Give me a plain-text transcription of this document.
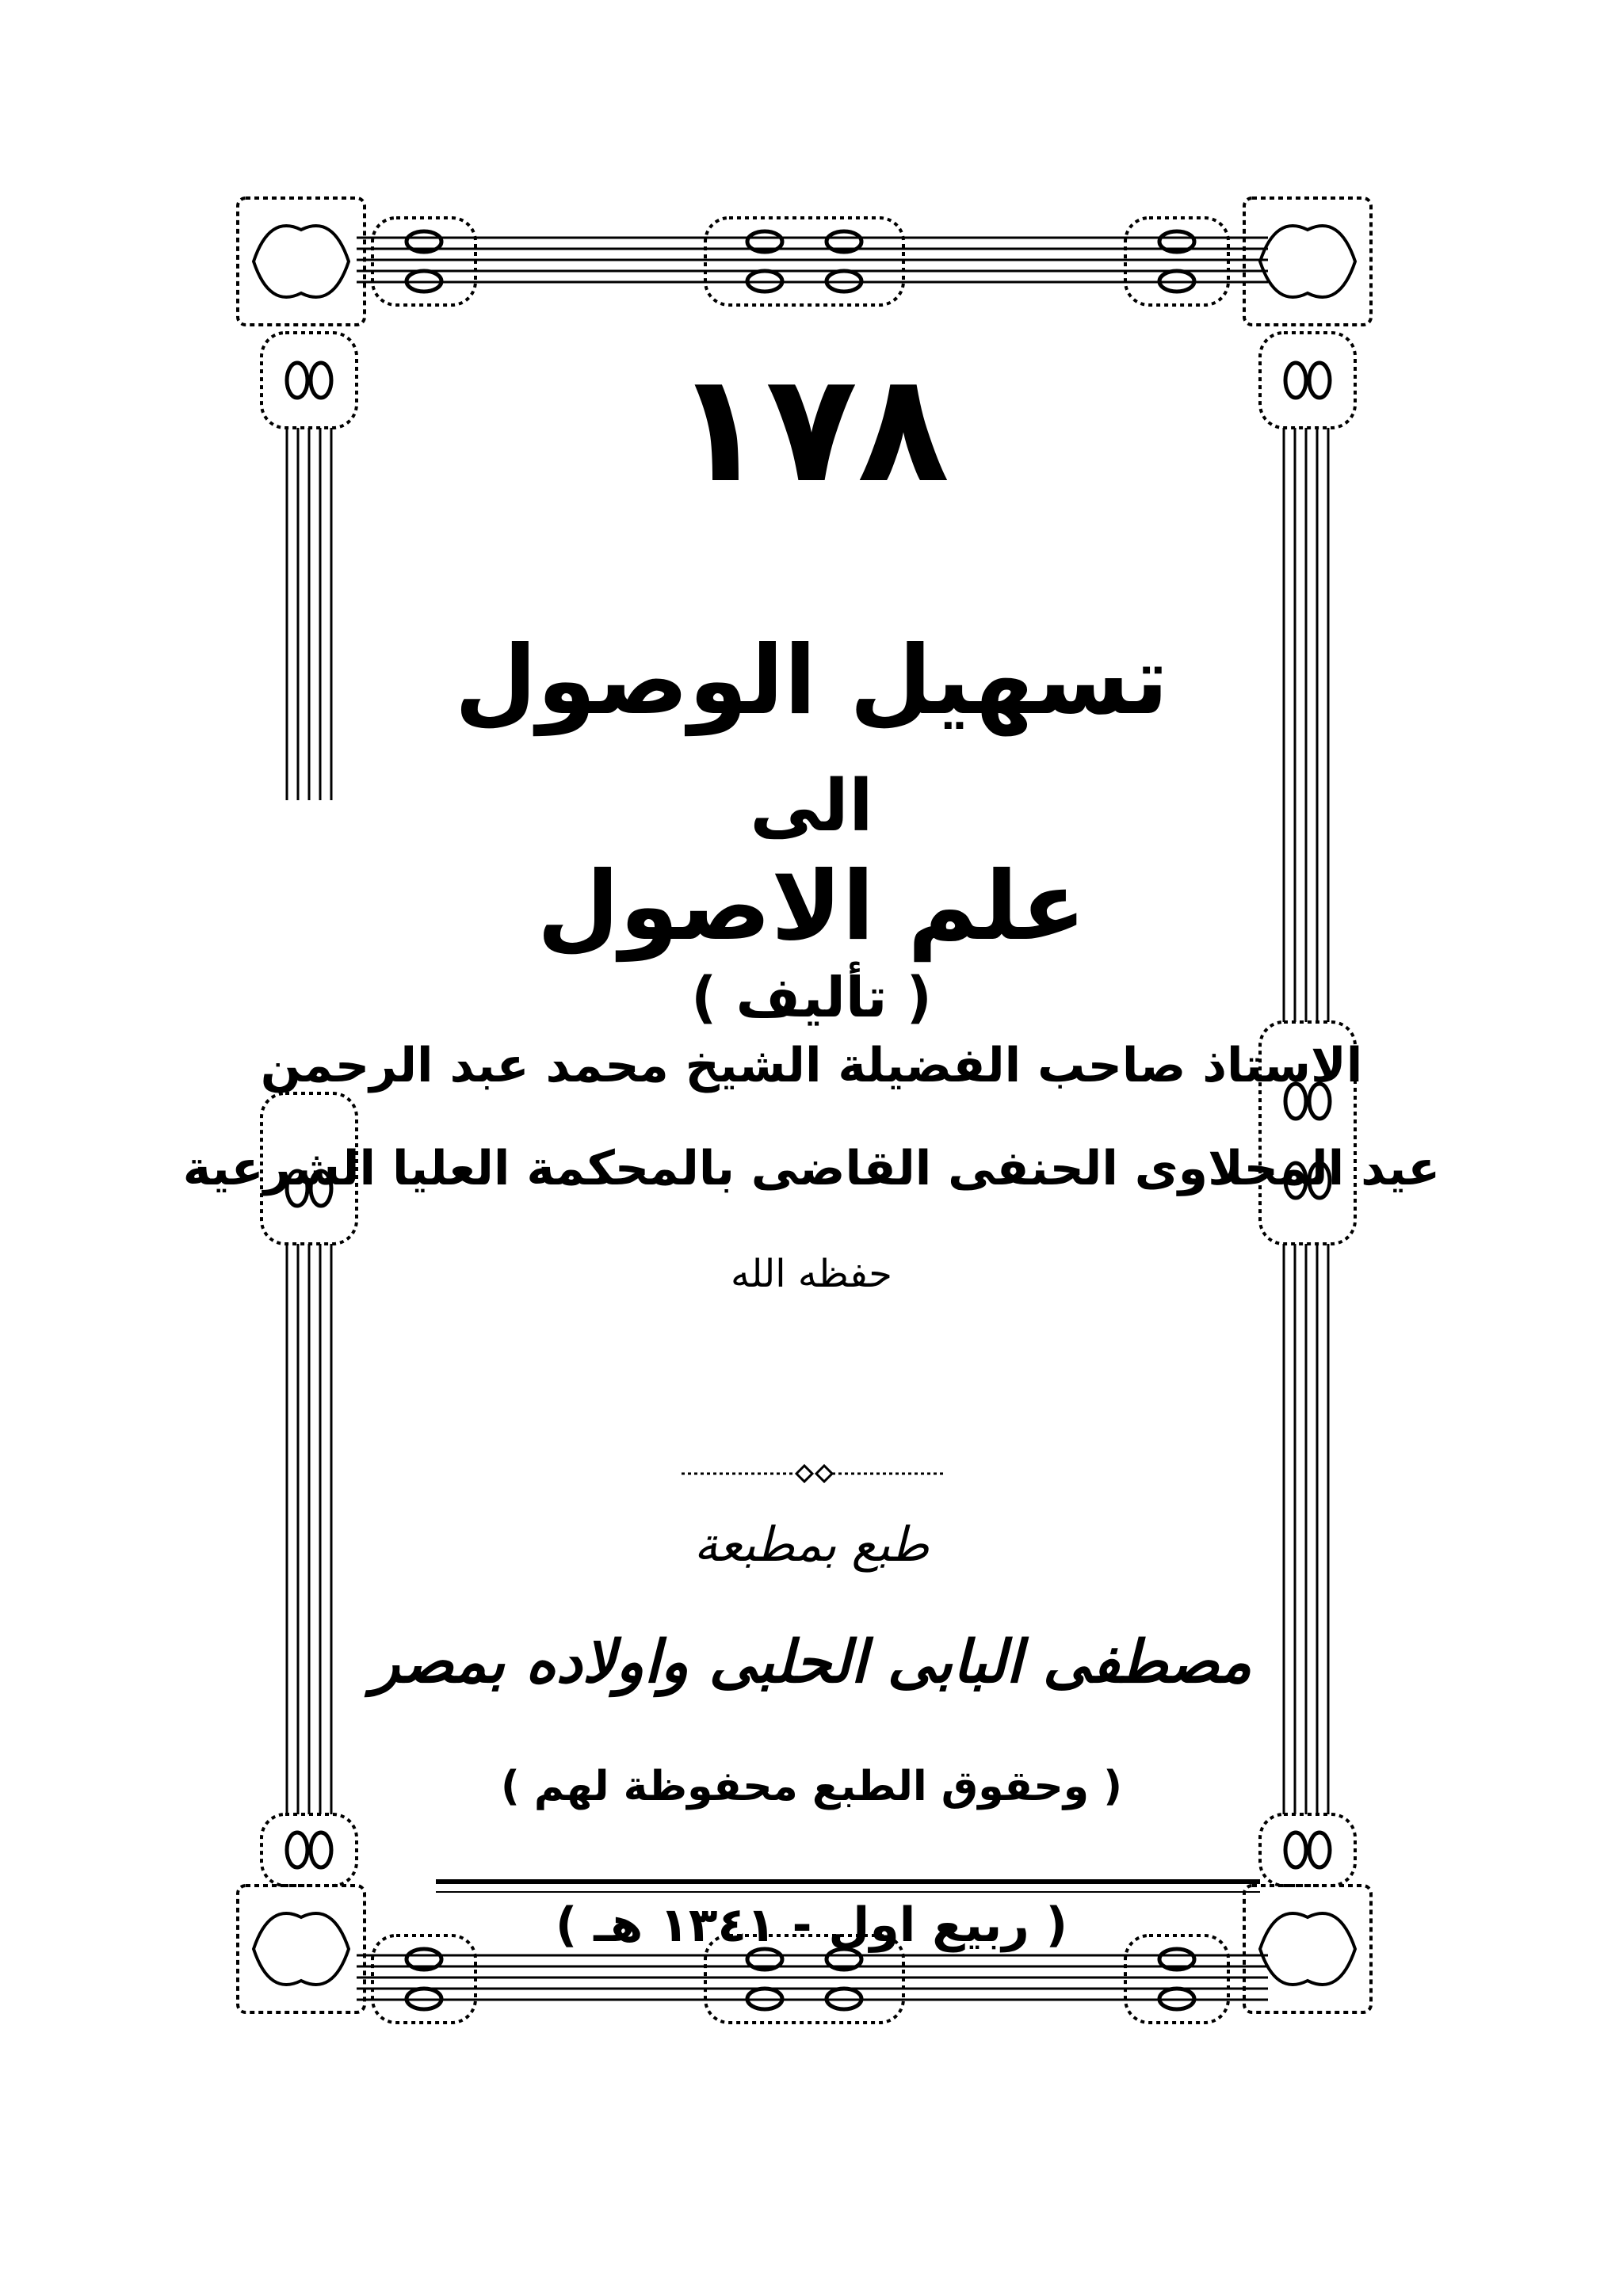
١٧٨
تسهيل الوصول
الى
علم الاصول
( تأليف )
الاستاذ صاحب الفضيلة الشيخ محمد عبد الرحمن
عيد المحلاوى الحنفى القاضى بالمحكمة العليا الشرعية
حفظه الله
طبع بمطبعة
مصطفى البابى الحلبى واولاده بمصر
( وحقوق الطبع محفوظة لهم )
( ربيع اول - ١٣٤١ هـ )
